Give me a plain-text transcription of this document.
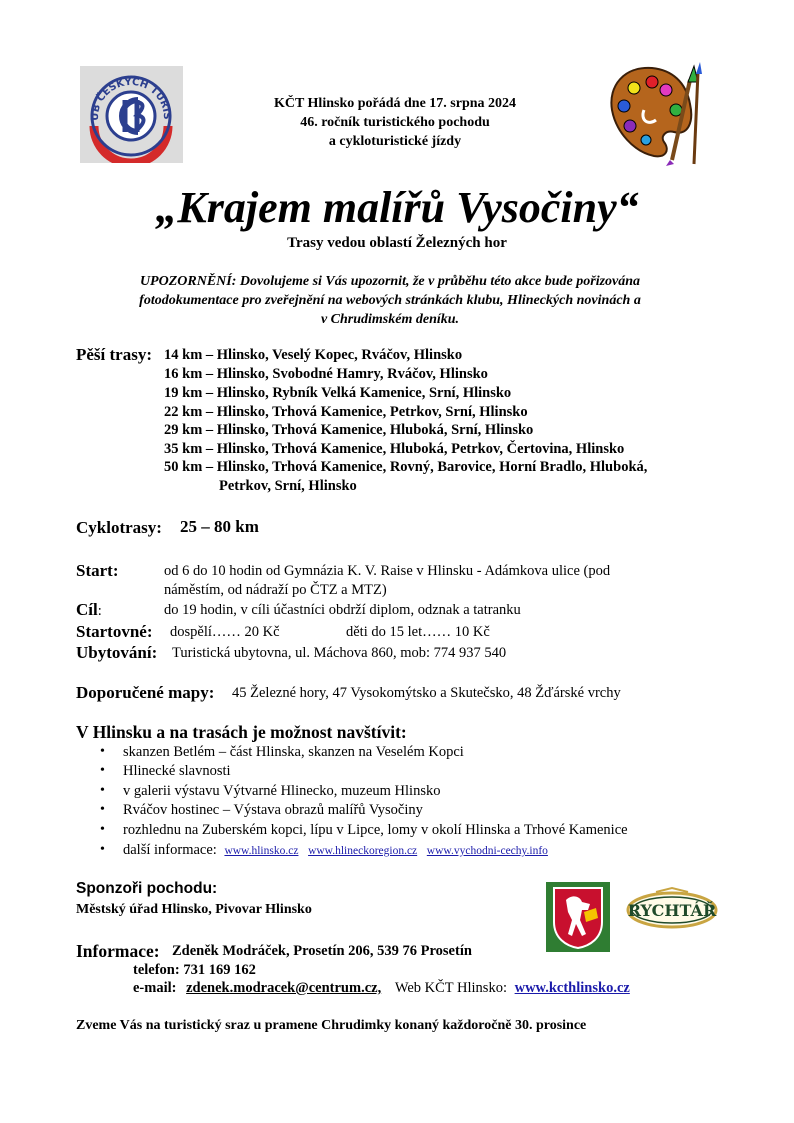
UB ČESKÝCH TURIS
KČT Hlinsko pořádá dne 17. srpna 2024
46. ročník turistického pochodu
a cykloturistické jízdy
„Krajem malířů Vysočiny“
Trasy vedou oblastí Železných hor
UPOZORNĚNÍ: Dovolujeme si Vás upozornit, že v průběhu této akce bude pořizována
fotodokumentace pro zveřejnění na webových stránkách klubu, Hlineckých novinách a
v Chrudimském deníku.
Pěší trasy: 14 km – Hlinsko, Veselý Kopec, Rváčov, Hlinsko
16 km – Hlinsko, Svobodné Hamry, Rváčov, Hlinsko
19 km – Hlinsko, Rybník Velká Kamenice, Srní, Hlinsko
22 km – Hlinsko, Trhová Kamenice, Petrkov, Srní, Hlinsko
29 km – Hlinsko, Trhová Kamenice, Hluboká, Srní, Hlinsko
35 km – Hlinsko, Trhová Kamenice, Hluboká, Petrkov, Čertovina, Hlinsko
50 km – Hlinsko, Trhová Kamenice, Rovný, Barovice, Horní Bradlo, Hluboká,
Petrkov, Srní, Hlinsko
Cyklotrasy: 25 – 80 km
Start:	od 6 do 10 hodin od Gymnázia K. V. Raise v Hlinsku - Adámkova ulice (pod
náměstím, od nádraží po ČTZ a MTZ)
Cíl:	do 19 hodin, v cíli účastníci obdrží diplom, odznak a tatranku
Startovné: dospělí…… 20 Kč	děti do 15 let…… 10 Kč
Ubytování: Turistická ubytovna, ul. Máchova 860, mob: 774 937 540
Doporučené mapy: 45 Železné hory, 47 Vysokomýtsko a Skutečsko, 48 Žďárské vrchy
V Hlinsku a na trasách je možnost navštívit:
• skanzen Betlém – část Hlinska, skanzen na Veselém Kopci
• Hlinecké slavnosti
• v galerii výstavu Výtvarné Hlinecko, muzeum Hlinsko
• Rváčov hostinec – Výstava obrazů malířů Vysočiny
• rozhlednu na Zuberském kopci, lípu v Lipce, lomy v okolí Hlinska a Trhové Kamenice
• další informace: www.hlinsko.cz www.hlineckoregion.cz www.vychodni-cechy.info
Sponzoři pochodu:
Městský úřad Hlinsko, Pivovar Hlinsko	RYCHTÁŘ
Informace: Zdeněk Modráček, Prosetín 206, 539 76 Prosetín
telefon: 731 169 162
e-mail: zdenek.modracek@centrum.cz, Web KČT Hlinsko: www.kcthlinsko.cz
Zveme Vás na turistický sraz u pramene Chrudimky konaný každoročně 30. prosince
